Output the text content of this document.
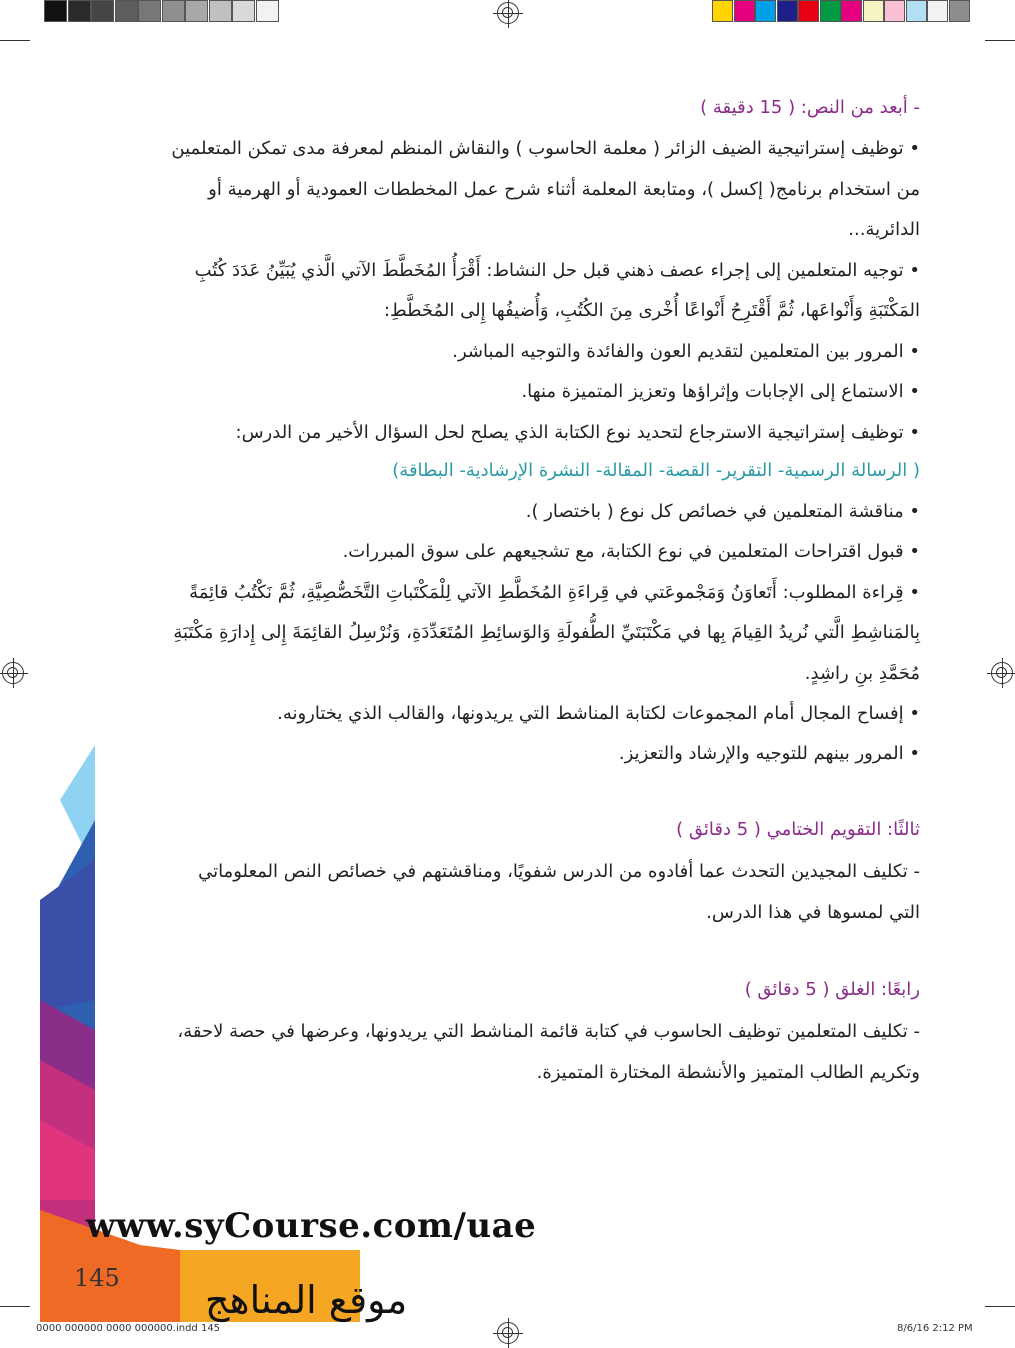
- أبعد من النص: ( 15 دقيقة )
• توظيف إستراتيجية الضيف الزائر ( معلمة الحاسوب ) والنقاش المنظم لمعرفة مدى تمكن المتعلمين
من استخدام برنامج( إكسل )، ومتابعة المعلمة أثناء شرح عمل المخططات العمودية أو الهرمية أو
الدائرية...
• توجيه المتعلمين إلى إجراء عصف ذهني قبل حل النشاط: أَقْرَأُ المُخَطَّطَ الآتي الَّذي يُبَيِّنُ عَدَدَ كُتُبِ
المَكْتَبَةِ وَأَنْواعَها، ثُمَّ أَقْتَرِحُ أَنْواعًا أُخْرى مِنَ الكُتُبِ، وَأُضيفُها إِلى المُخَطَّطِ:
• المرور بين المتعلمين لتقديم العون والفائدة والتوجيه المباشر.
• الاستماع إلى الإجابات وإثراؤها وتعزيز المتميزة منها.
• توظيف إستراتيجية الاسترجاع لتحديد نوع الكتابة الذي يصلح لحل السؤال الأخير من الدرس:
( الرسالة الرسمية- التقرير- القصة- المقالة- النشرة الإرشادية- البطاقة)
• مناقشة المتعلمين في خصائص كل نوع ( باختصار ).
• قبول اقتراحات المتعلمين في نوع الكتابة، مع تشجيعهم على سوق المبررات.
• قِراءة المطلوب: أَتَعاوَنُ وَمَجْموعَتي في قِراءَةِ المُخَطَّطِ الآتي لِلْمَكْتَباتِ التَّخَصُّصِيَّةِ، ثُمَّ نَكْتُبُ قائِمَةً
بِالمَناشِطِ الَّتي نُريدُ القِيامَ بِها في مَكْتَبَتَيِّ الطُّفولَةِ وَالوَسائِطِ المُتَعَدِّدَةِ، وَنُرْسِلُ القائِمَةَ إِلى إِدارَةِ مَكْتَبَةِ
مُحَمَّدِ بنِ راشِدٍ.
• إفساح المجال أمام المجموعات لكتابة المناشط التي يريدونها، والقالب الذي يختارونه.
• المرور بينهم للتوجيه والإرشاد والتعزيز.
ثالثًا: التقويم الختامي ( 5 دقائق )
- تكليف المجيدين التحدث عما أفادوه من الدرس شفويًا، ومناقشتهم في خصائص النص المعلوماتي
التي لمسوها في هذا الدرس.
رابعًا: الغلق ( 5 دقائق )
- تكليف المتعلمين توظيف الحاسوب في كتابة قائمة المناشط التي يريدونها، وعرضها في حصة لاحقة،
وتكريم الطالب المتميز والأنشطة المختارة المتميزة.
www.syCourse.com/uae
145 موقع المناهج
0000 000000 0000 000000.indd 145	8/6/16 2:12 PM
